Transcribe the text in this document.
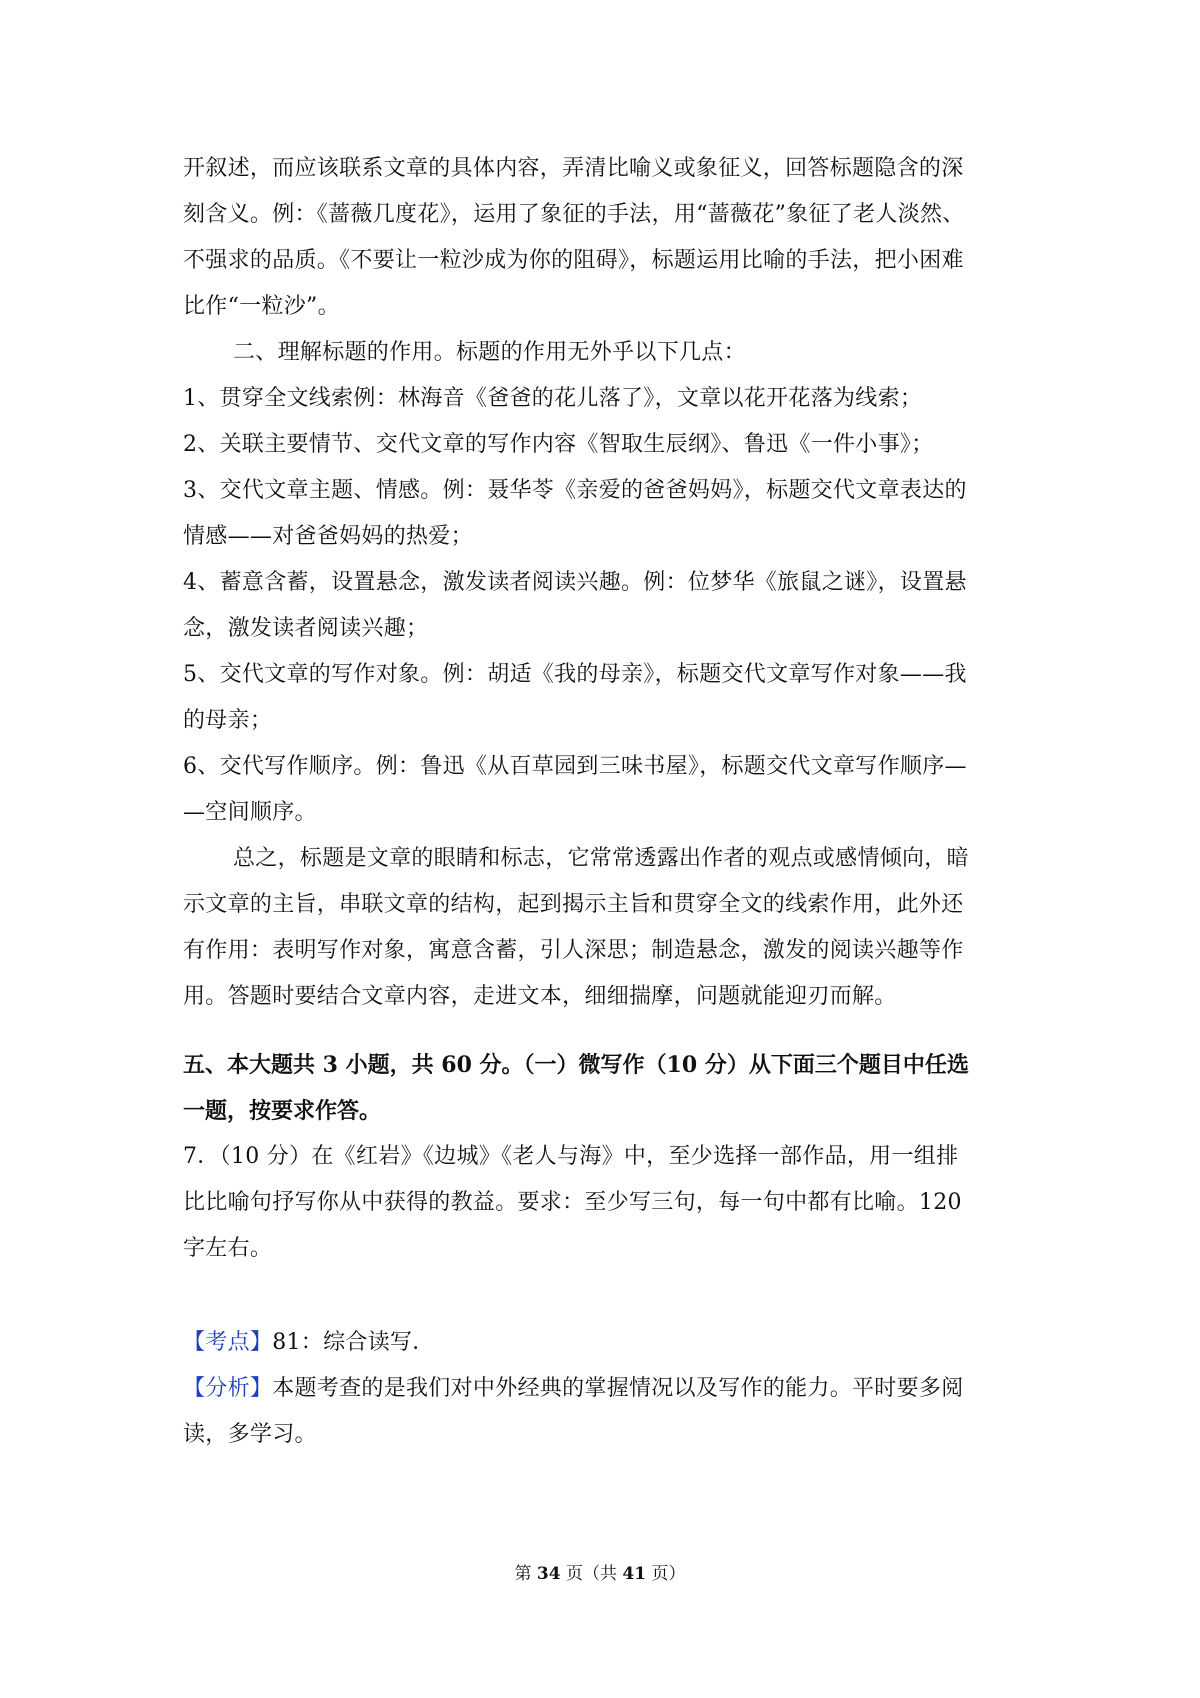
开叙述，而应该联系文章的具体内容，弄清比喻义或象征义，回答标题隐含的深
刻含义。例：《蔷薇几度花》，运用了象征的手法，用“蔷薇花”象征了老人淡然、
不强求的品质。《不要让一粒沙成为你的阻碍》，标题运用比喻的手法，把小困难
比作“一粒沙”。
二、理解标题的作用。标题的作用无外乎以下几点：
1、贯穿全文线索例：林海音《爸爸的花儿落了》，文章以花开花落为线索；
2、关联主要情节、交代文章的写作内容《智取生辰纲》、鲁迅《一件小事》；
3、交代文章主题、情感。例：聂华苓《亲爱的爸爸妈妈》，标题交代文章表达的
情感——对爸爸妈妈的热爱；
4、蓄意含蓄，设置悬念，激发读者阅读兴趣。例：位梦华《旅鼠之谜》，设置悬
念，激发读者阅读兴趣；
5、交代文章的写作对象。例：胡适《我的母亲》，标题交代文章写作对象——我
的母亲；
6、交代写作顺序。例：鲁迅《从百草园到三味书屋》，标题交代文章写作顺序—
—空间顺序。
总之，标题是文章的眼睛和标志，它常常透露出作者的观点或感情倾向，暗
示文章的主旨，串联文章的结构，起到揭示主旨和贯穿全文的线索作用，此外还
有作用：表明写作对象，寓意含蓄，引人深思；制造悬念，激发的阅读兴趣等作
用。答题时要结合文章内容，走进文本，细细揣摩，问题就能迎刃而解。
五、本大题共 3 小题，共 60 分。（一）微写作（10 分）从下面三个题目中任选
一题，按要求作答。
7．（10 分）在《红岩》《边城》《老人与海》中，至少选择一部作品，用一组排
比比喻句抒写你从中获得的教益。要求：至少写三句，每一句中都有比喻。120
字左右。
【考点】81：综合读写．
【分析】本题考查的是我们对中外经典的掌握情况以及写作的能力。平时要多阅
读，多学习。
第 34 页（共 41 页）
